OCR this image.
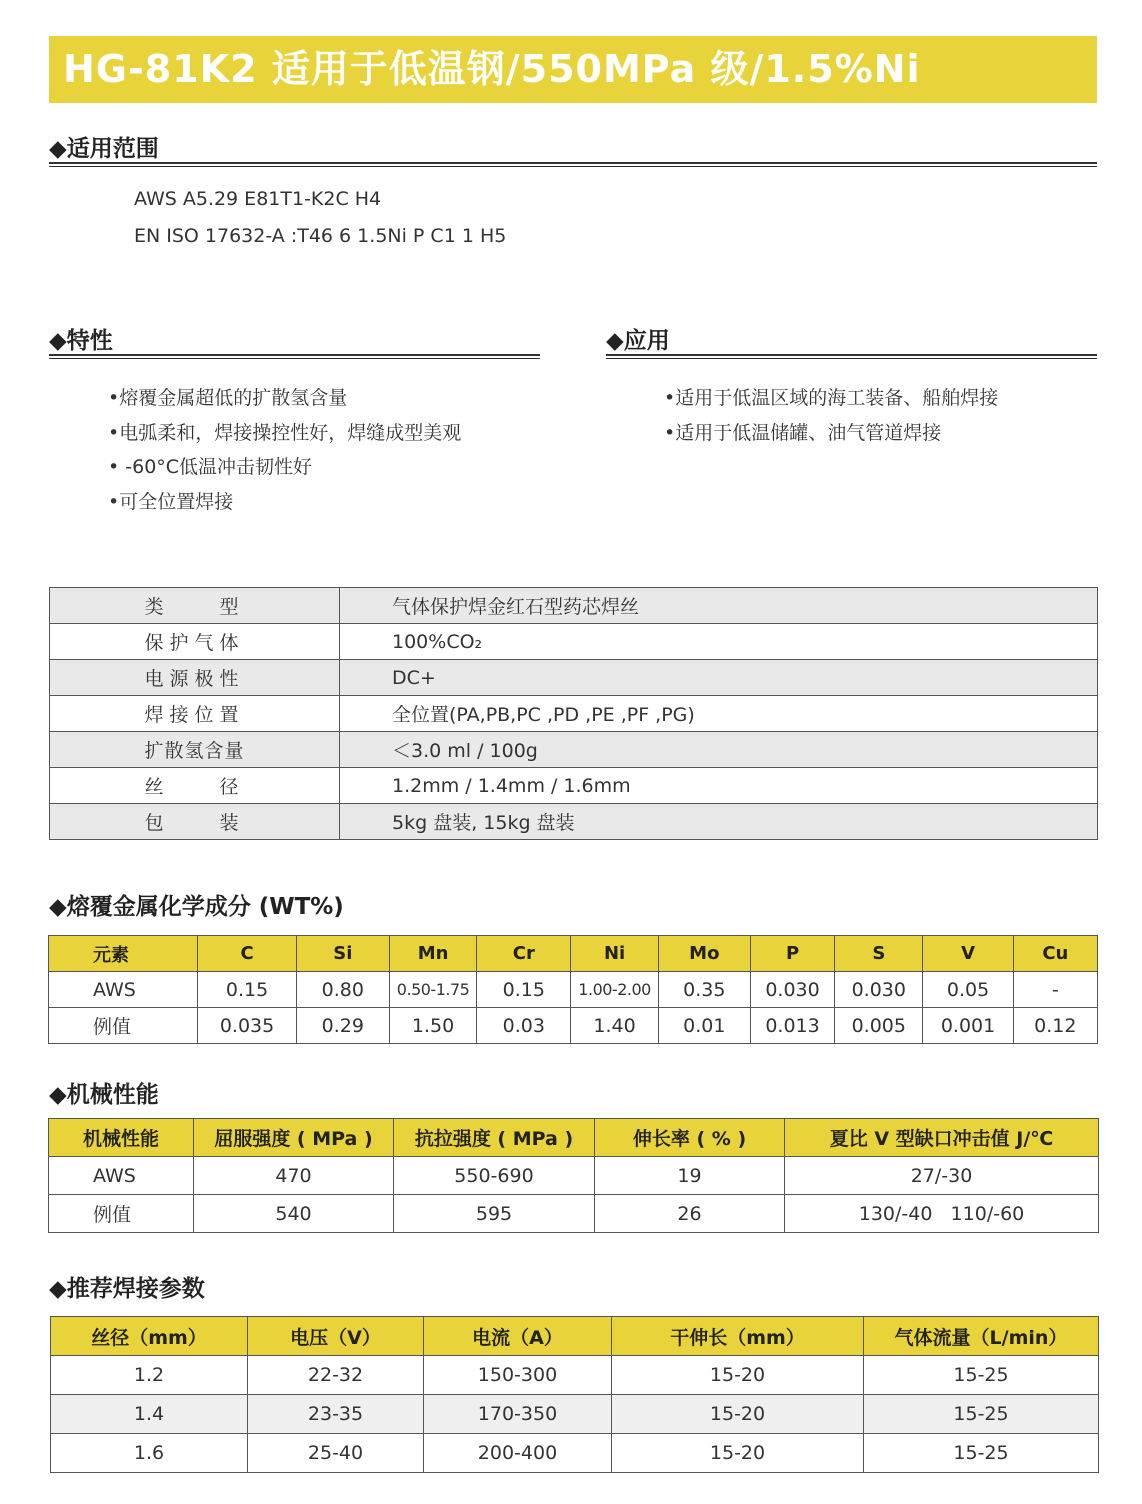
HG-81K2 适用于低温钢/550MPa 级/1.5%Ni
◆适用范围
AWS A5.29 E81T1-K2C H4
EN ISO 17632-A :T46 6 1.5Ni P C1 1 H5
◆特性
•熔覆金属超低的扩散氢含量
•电弧柔和，焊接操控性好，焊缝成型美观
• -60°C低温冲击韧性好
•可全位置焊接
◆应用
•适用于低温区域的海工装备、船舶焊接
•适用于低温储罐、油气管道焊接
类　　型	气体保护焊金红石型药芯焊丝
保护气体	100%CO₂
电源极性	DC+
焊接位置	全位置(PA,PB,PC ,PD ,PE ,PF ,PG)
扩散氢含量	＜3.0 ml / 100g
丝　　径	1.2mm / 1.4mm / 1.6mm
包　　装	5kg 盘装, 15kg 盘装
◆熔覆金属化学成分 (WT%)
元素	C	Si	Mn	Cr	Ni	Mo	P	S	V	Cu
AWS	0.15	0.80	0.50-1.75	0.15	1.00-2.00	0.35	0.030	0.030	0.05	-
例值	0.035	0.29	1.50	0.03	1.40	0.01	0.013	0.005	0.001	0.12
◆机械性能
机械性能	屈服强度 ( MPa )	抗拉强度 ( MPa )	伸长率 ( % )	夏比 V 型缺口冲击值 J/℃
AWS	470	550-690	19	27/-30
例值	540	595	26	130/-40   110/-60
◆推荐焊接参数
丝径（mm）	电压（V）	电流（A）	干伸长（mm）	气体流量（L/min）
1.2	22-32	150-300	15-20	15-25
1.4	23-35	170-350	15-20	15-25
1.6	25-40	200-400	15-20	15-25
